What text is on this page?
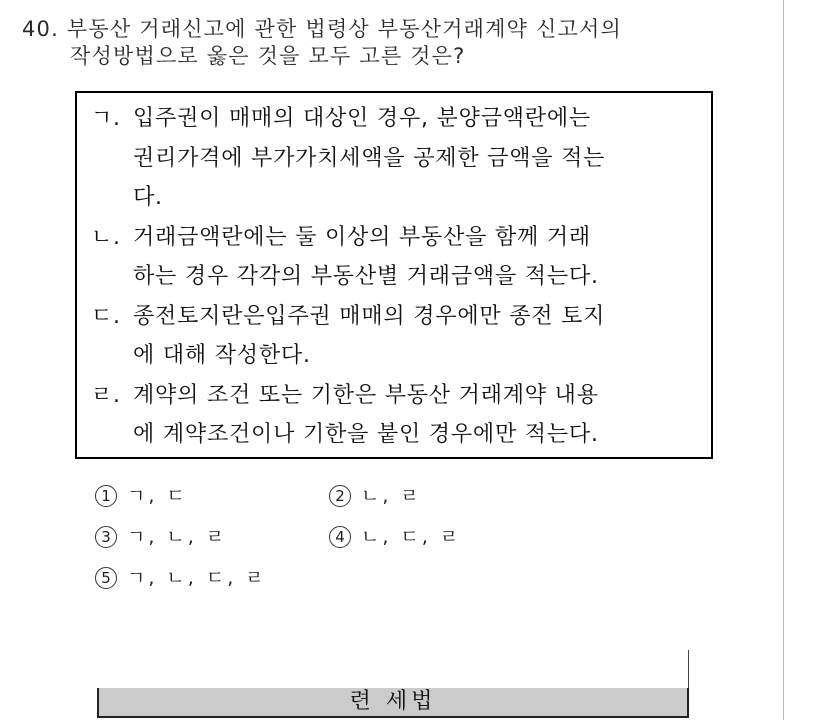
40. 부동산 거래신고에 관한 법령상 부동산거래계약 신고서의
작성방법으로 옳은 것을 모두 고른 것은?
ㄱ. 입주권이 매매의 대상인 경우, 분양금액란에는
권리가격에 부가가치세액을 공제한 금액을 적는
다.
ㄴ. 거래금액란에는 둘 이상의 부동산을 함께 거래
하는 경우 각각의 부동산별 거래금액을 적는다.
ㄷ. 종전토지란은입주권 매매의 경우에만 종전 토지
에 대해 작성한다.
ㄹ. 계약의 조건 또는 기한은 부동산 거래계약 내용
에 계약조건이나 기한을 붙인 경우에만 적는다.
1 ㄱ, ㄷ	2 ㄴ, ㄹ
3 ㄱ, ㄴ, ㄹ	4 ㄴ, ㄷ, ㄹ
5 ㄱ, ㄴ, ㄷ, ㄹ
련 세법
